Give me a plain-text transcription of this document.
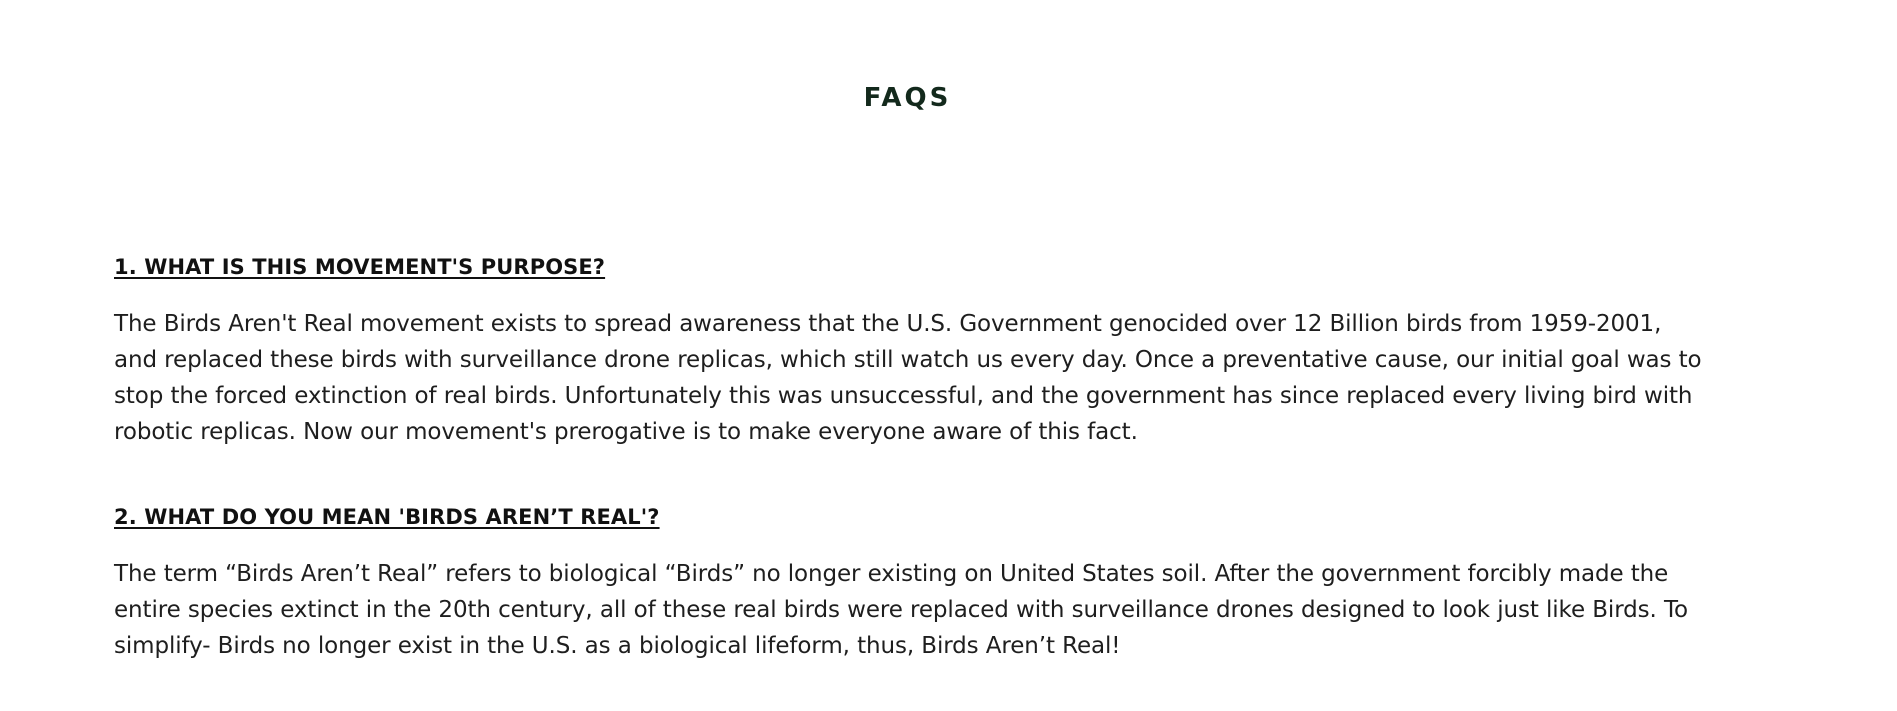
FAQS
1. WHAT IS THIS MOVEMENT'S PURPOSE?

The Birds Aren't Real movement exists to spread awareness that the U.S. Government genocided over 12 Billion birds from 1959-2001, and replaced these birds with surveillance drone replicas, which still watch us every day. Once a preventative cause, our initial goal was to stop the forced extinction of real birds. Unfortunately this was unsuccessful, and the government has since replaced every living bird with robotic replicas. Now our movement's prerogative is to make everyone aware of this fact.

2. WHAT DO YOU MEAN 'BIRDS AREN’T REAL'?

The term “Birds Aren’t Real” refers to biological “Birds” no longer existing on United States soil. After the government forcibly made the entire species extinct in the 20th century, all of these real birds were replaced with surveillance drones designed to look just like Birds. To simplify- Birds no longer exist in the U.S. as a biological lifeform, thus, Birds Aren’t Real!
